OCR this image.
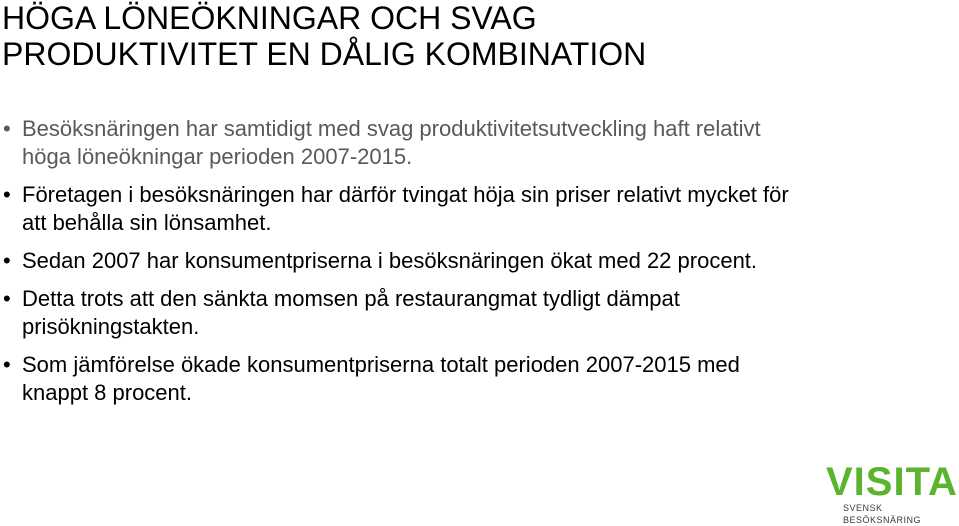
HÖGA LÖNEÖKNINGAR OCH SVAG
PRODUKTIVITET EN DÅLIG KOMBINATION
• Besöksnäringen har samtidigt med svag produktivitetsutveckling haft relativt höga löneökningar perioden 2007-2015.
• Företagen i besöksnäringen har därför tvingat höja sin priser relativt mycket för att behålla sin lönsamhet.
• Sedan 2007 har konsumentpriserna i besöksnäringen ökat med 22 procent.
• Detta trots att den sänkta momsen på restaurangmat tydligt dämpat prisökningstakten.
• Som jämförelse ökade konsumentpriserna totalt perioden 2007-2015 med knappt 8 procent.
VISITA
SVENSK BESÖKSNÄRING
